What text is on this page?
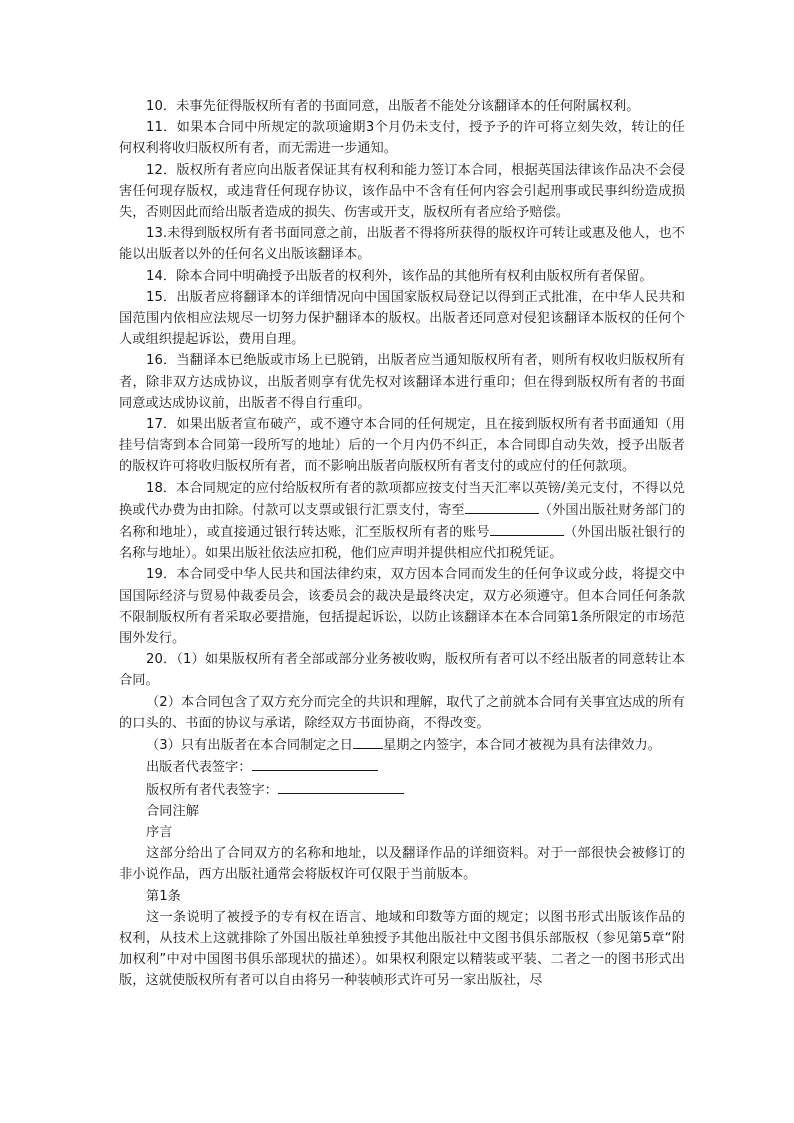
10．未事先征得版权所有者的书面同意，出版者不能处分该翻译本的任何附属权利。

11．如果本合同中所规定的款项逾期3个月仍未支付，授予予的许可将立刻失效，转让的任何权利将收归版权所有者，而无需进一步通知。

12．版权所有者应向出版者保证其有权利和能力签订本合同，根据英国法律该作品决不会侵害任何现存版权，或违背任何现存协议，该作品中不含有任何内容会引起刑事或民事纠纷造成损失，否则因此而给出版者造成的损失、伤害或开支，版权所有者应给予赔偿。

13.未得到版权所有者书面同意之前，出版者不得将所获得的版权许可转让或惠及他人，也不能以出版者以外的任何名义出版该翻译本。

14．除本合同中明确授予出版者的权利外，该作品的其他所有权利由版权所有者保留。

15．出版者应将翻译本的详细情况向中国国家版权局登记以得到正式批准，在中华人民共和国范围内依相应法规尽一切努力保护翻译本的版权。出版者还同意对侵犯该翻译本版权的任何个人或组织提起诉讼，费用自理。

16．当翻译本已绝版或市场上已脱销，出版者应当通知版权所有者，则所有权收归版权所有者，除非双方达成协议，出版者则享有优先权对该翻译本进行重印；但在得到版权所有者的书面同意或达成协议前，出版者不得自行重印。

17．如果出版者宣布破产，或不遵守本合同的任何规定，且在接到版权所有者书面通知（用挂号信寄到本合同第一段所写的地址）后的一个月内仍不纠正，本合同即自动失效，授予出版者的版权许可将收归版权所有者，而不影响出版者向版权所有者支付的或应付的任何款项。

18．本合同规定的应付给版权所有者的款项都应按支付当天汇率以英镑/美元支付，不得以兑换或代办费为由扣除。付款可以支票或银行汇票支付，寄至	（外国出版社财务部门的名称和地址），或直接通过银行转达账，汇至版权所有者的账号	（外国出版社银行的名称与地址）。如果出版社依法应扣税，他们应声明并提供相应代扣税凭证。

19．本合同受中华人民共和国法律约束，双方因本合同而发生的任何争议或分歧，将提交中国国际经济与贸易仲裁委员会，该委员会的裁决是最终决定，双方必须遵守。但本合同任何条款不限制版权所有者采取必要措施，包括提起诉讼，以防止该翻译本在本合同第1条所限定的市场范围外发行。

20．（1）如果版权所有者全部或部分业务被收购，版权所有者可以不经出版者的同意转让本合同。

（2）本合同包含了双方充分而完全的共识和理解，取代了之前就本合同有关事宜达成的所有的口头的、书面的协议与承诺，除经双方书面协商，不得改变。

（3）只有出版者在本合同制定之日 星期之内签字，本合同才被视为具有法律效力。

出版者代表签字：

版权所有者代表签字：

合同注解

序言

这部分给出了合同双方的名称和地址，以及翻译作品的详细资料。对于一部很快会被修订的非小说作品，西方出版社通常会将版权许可仅限于当前版本。

第1条

这一条说明了被授予的专有权在语言、地域和印数等方面的规定；以图书形式出版该作品的权利，从技术上这就排除了外国出版社单独授予其他出版社中文图书俱乐部版权（参见第5章“附加权利”中对中国图书俱乐部现状的描述）。如果权利限定以精装或平装、二者之一的图书形式出版，这就使版权所有者可以自由将另一种装帧形式许可另一家出版社，尽
